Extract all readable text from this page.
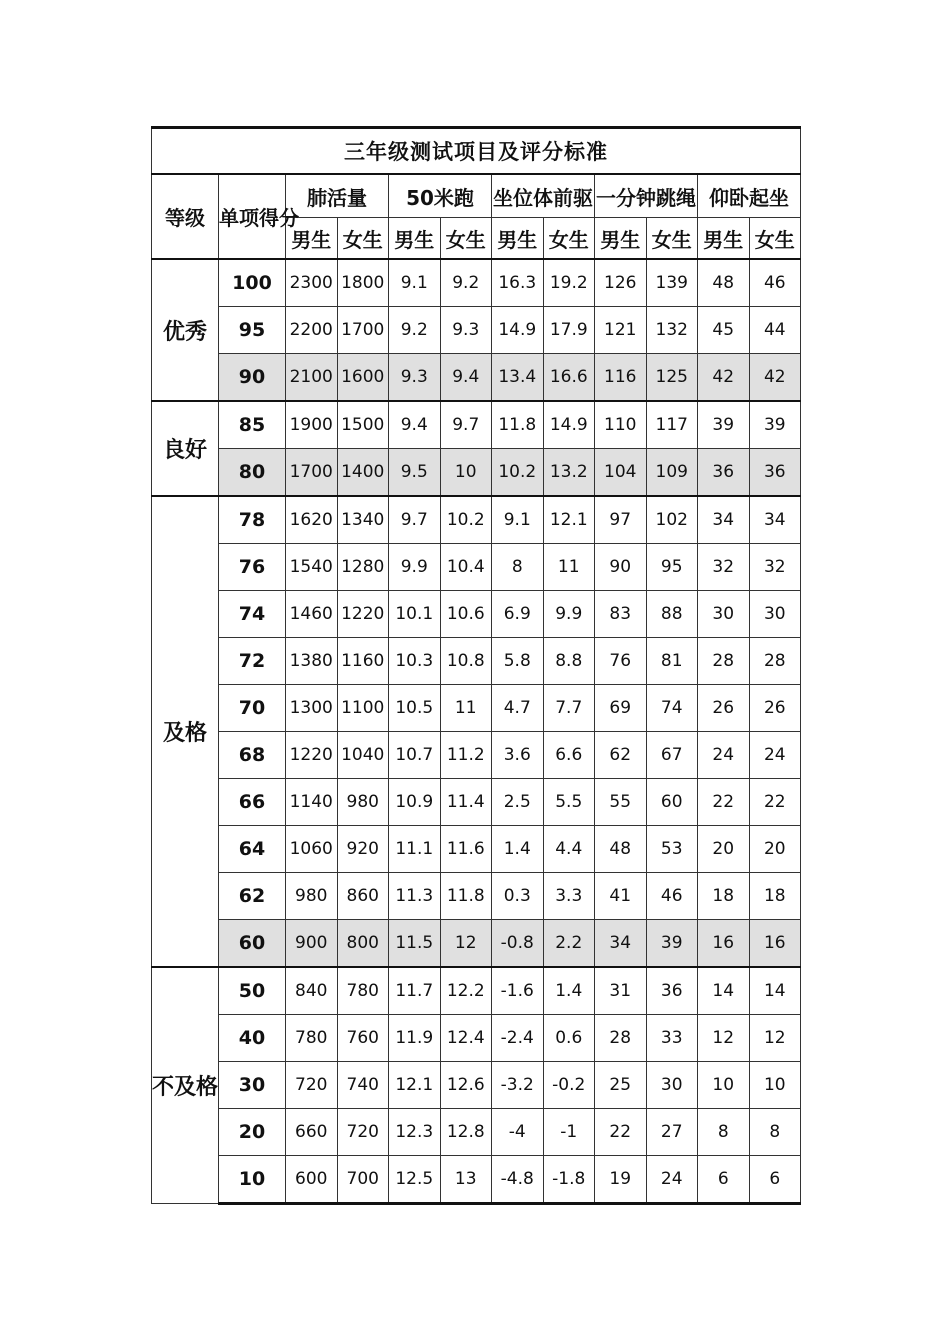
三年级测试项目及评分标准											
等级	单项得分	肺活量		50米跑		坐位体前驱		一分钟跳绳		仰卧起坐	
		男生	女生	男生	女生	男生	女生	男生	女生	男生	女生
优秀	100	2300	1800	9.1	9.2	16.3	19.2	126	139	48	46
	95	2200	1700	9.2	9.3	14.9	17.9	121	132	45	44
	90	2100	1600	9.3	9.4	13.4	16.6	116	125	42	42
良好	85	1900	1500	9.4	9.7	11.8	14.9	110	117	39	39
	80	1700	1400	9.5	10	10.2	13.2	104	109	36	36
及格	78	1620	1340	9.7	10.2	9.1	12.1	97	102	34	34
	76	1540	1280	9.9	10.4	8	11	90	95	32	32
	74	1460	1220	10.1	10.6	6.9	9.9	83	88	30	30
	72	1380	1160	10.3	10.8	5.8	8.8	76	81	28	28
	70	1300	1100	10.5	11	4.7	7.7	69	74	26	26
	68	1220	1040	10.7	11.2	3.6	6.6	62	67	24	24
	66	1140	980	10.9	11.4	2.5	5.5	55	60	22	22
	64	1060	920	11.1	11.6	1.4	4.4	48	53	20	20
	62	980	860	11.3	11.8	0.3	3.3	41	46	18	18
	60	900	800	11.5	12	-0.8	2.2	34	39	16	16
不及格	50	840	780	11.7	12.2	-1.6	1.4	31	36	14	14
	40	780	760	11.9	12.4	-2.4	0.6	28	33	12	12
	30	720	740	12.1	12.6	-3.2	-0.2	25	30	10	10
	20	660	720	12.3	12.8	-4	-1	22	27	8	8
	10	600	700	12.5	13	-4.8	-1.8	19	24	6	6
